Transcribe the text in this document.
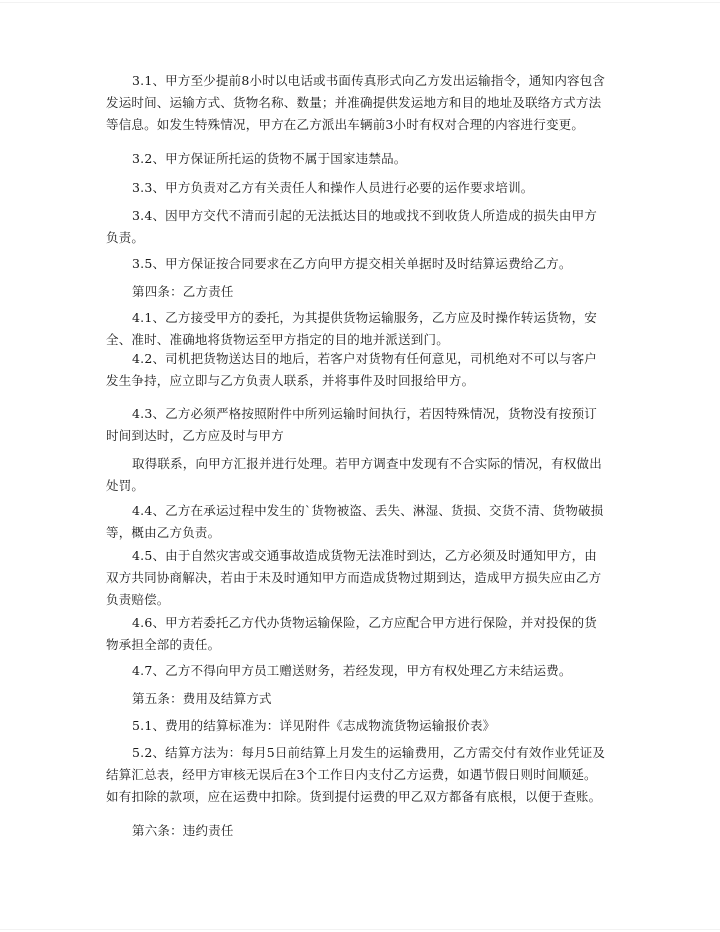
3.1、甲方至少提前8小时以电话或书面传真形式向乙方发出运输指令，通知内容包含发运时间、运输方式、货物名称、数量；并准确提供发运地方和目的地址及联络方式方法等信息。如发生特殊情况，甲方在乙方派出车辆前3小时有权对合理的内容进行变更。
3.2、甲方保证所托运的货物不属于国家违禁品。
3.3、甲方负责对乙方有关责任人和操作人员进行必要的运作要求培训。
3.4、因甲方交代不清而引起的无法抵达目的地或找不到收货人所造成的损失由甲方负责。
3.5、甲方保证按合同要求在乙方向甲方提交相关单据时及时结算运费给乙方。
第四条：乙方责任
4.1、乙方接受甲方的委托，为其提供货物运输服务，乙方应及时操作转运货物，安全、准时、准确地将货物运至甲方指定的目的地并派送到门。
4.2、司机把货物送达目的地后，若客户对货物有任何意见，司机绝对不可以与客户发生争持，应立即与乙方负责人联系，并将事件及时回报给甲方。
4.3、乙方必须严格按照附件中所列运输时间执行，若因特殊情况，货物没有按预订时间到达时，乙方应及时与甲方
取得联系，向甲方汇报并进行处理。若甲方调查中发现有不合实际的情况，有权做出处罚。
4.4、乙方在承运过程中发生的`货物被盗、丢失、淋湿、货损、交货不清、货物破损等，概由乙方负责。
4.5、由于自然灾害或交通事故造成货物无法准时到达，乙方必须及时通知甲方，由双方共同协商解决，若由于未及时通知甲方而造成货物过期到达，造成甲方损失应由乙方负责赔偿。
4.6、甲方若委托乙方代办货物运输保险，乙方应配合甲方进行保险，并对投保的货物承担全部的责任。
4.7、乙方不得向甲方员工赠送财务，若经发现，甲方有权处理乙方未结运费。
第五条：费用及结算方式
5.1、费用的结算标准为：详见附件《志成物流货物运输报价表》
5.2、结算方法为：每月5日前结算上月发生的运输费用，乙方需交付有效作业凭证及结算汇总表，经甲方审核无误后在3个工作日内支付乙方运费，如遇节假日则时间顺延。如有扣除的款项，应在运费中扣除。货到提付运费的甲乙双方都备有底根，以便于查账。
第六条：违约责任
